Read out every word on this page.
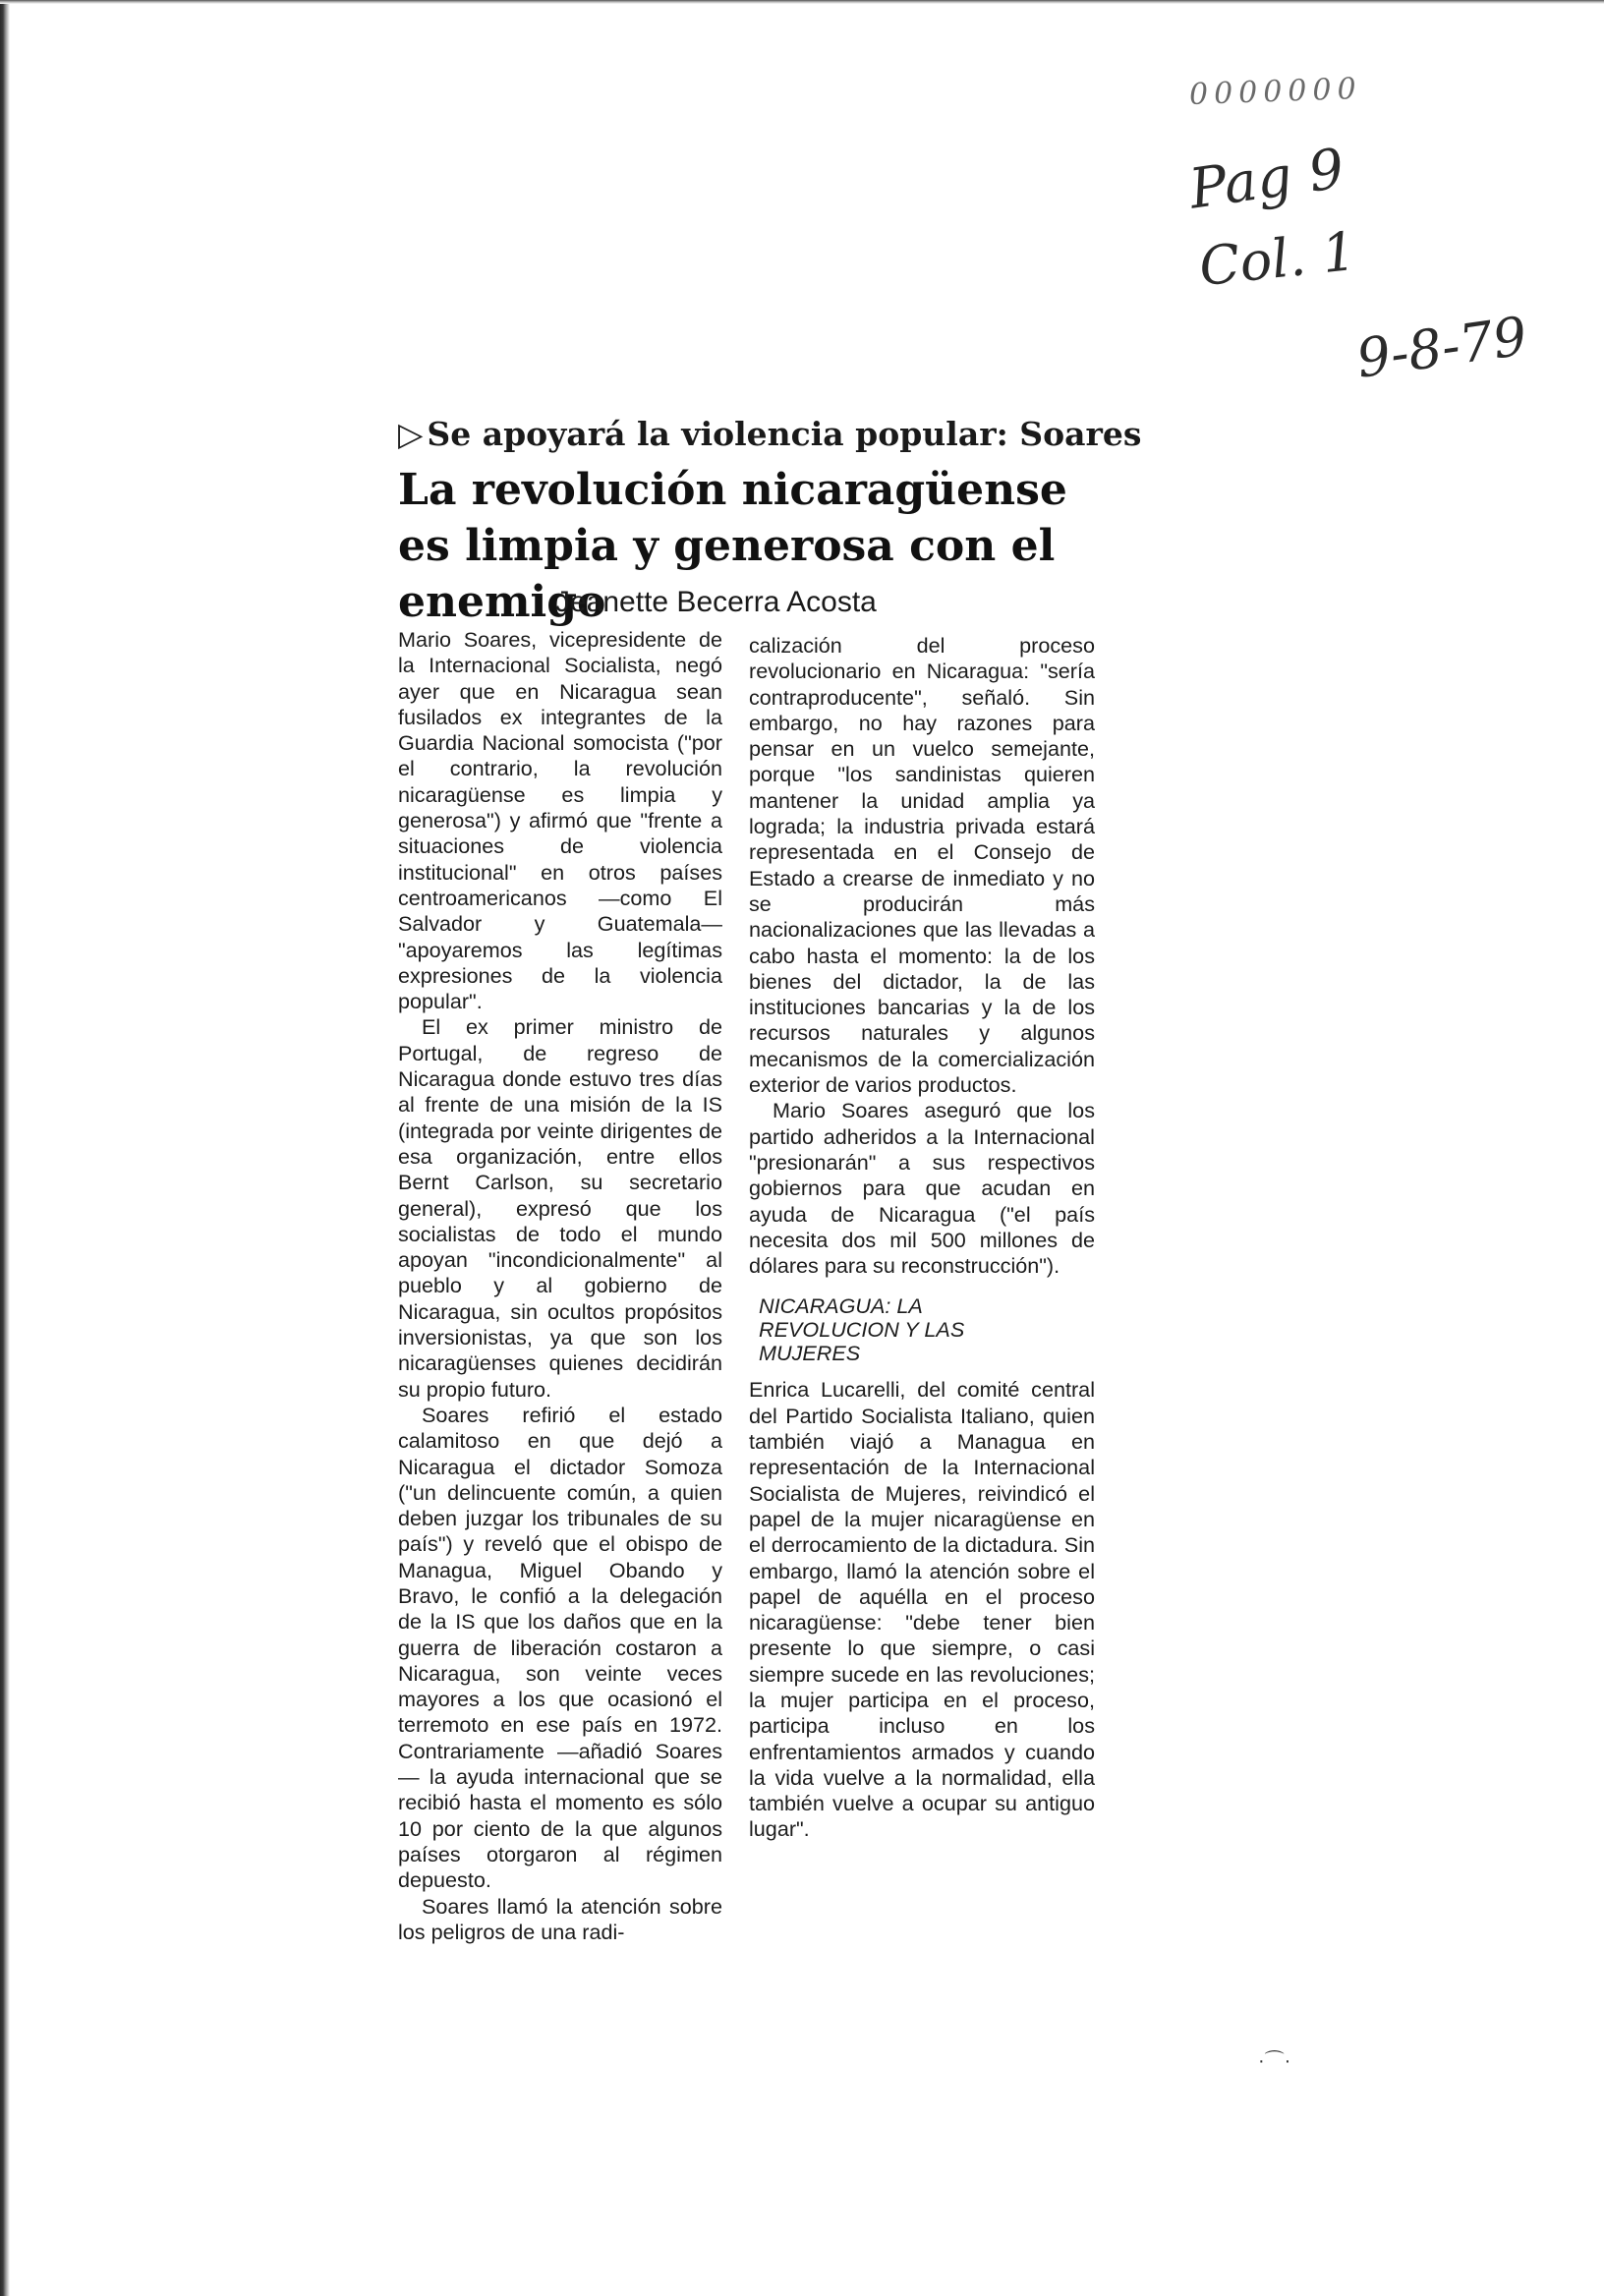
0000000
Pag 9
Col. 1
9-8-79
▷ Se apoyará la violencia popular: Soares
La revolución nicaragüense es limpia y generosa con el enemigo
Jeanette Becerra Acosta

Mario Soares, vicepresidente de la Internacional Socialista, negó ayer que en Nicaragua sean fusilados ex integrantes de la Guardia Nacional somocista ("por el contrario, la revolución nicaragüense es limpia y generosa") y afirmó que "frente a situaciones de violencia institucional" en otros países centroamericanos —como El Salvador y Guatemala— "apoyaremos las legítimas expresiones de la violencia popular".

El ex primer ministro de Portugal, de regreso de Nicaragua donde estuvo tres días al frente de una misión de la IS (integrada por veinte dirigentes de esa organización, entre ellos Bernt Carlson, su secretario general), expresó que los socialistas de todo el mundo apoyan "incondicionalmente" al pueblo y al gobierno de Nicaragua, sin ocultos propósitos inversionistas, ya que son los nicaragüenses quienes decidirán su propio futuro.

Soares refirió el estado calamitoso en que dejó a Nicaragua el dictador Somoza ("un delincuente común, a quien deben juzgar los tribunales de su país") y reveló que el obispo de Managua, Miguel Obando y Bravo, le confió a la delegación de la IS que los daños que en la guerra de liberación costaron a Nicaragua, son veinte veces mayores a los que ocasionó el terremoto en ese país en 1972. Contrariamente —añadió Soares— la ayuda internacional que se recibió hasta el momento es sólo 10 por ciento de la que algunos países otorgaron al régimen depuesto.

Soares llamó la atención sobre los peligros de una radi-

calización del proceso revolucionario en Nicaragua: "sería contraproducente", señaló. Sin embargo, no hay razones para pensar en un vuelco semejante, porque "los sandinistas quieren mantener la unidad amplia ya lograda; la industria privada estará representada en el Consejo de Estado a crearse de inmediato y no se producirán más nacionalizaciones que las llevadas a cabo hasta el momento: la de los bienes del dictador, la de las instituciones bancarias y la de los recursos naturales y algunos mecanismos de la comercialización exterior de varios productos.

Mario Soares aseguró que los partido adheridos a la Internacional "presionarán" a sus respectivos gobiernos para que acudan en ayuda de Nicaragua ("el país necesita dos mil 500 millones de dólares para su reconstrucción").

NICARAGUA: LA REVOLUCION Y LAS MUJERES

Enrica Lucarelli, del comité central del Partido Socialista Italiano, quien también viajó a Managua en representación de la Internacional Socialista de Mujeres, reivindicó el papel de la mujer nicaragüense en el derrocamiento de la dictadura. Sin embargo, llamó la atención sobre el papel de aquélla en el proceso nicaragüense: "debe tener bien presente lo que siempre, o casi siempre sucede en las revoluciones; la mujer participa en el proceso, participa incluso en los enfrentamientos armados y cuando la vida vuelve a la normalidad, ella también vuelve a ocupar su antiguo lugar".

·⌒·
